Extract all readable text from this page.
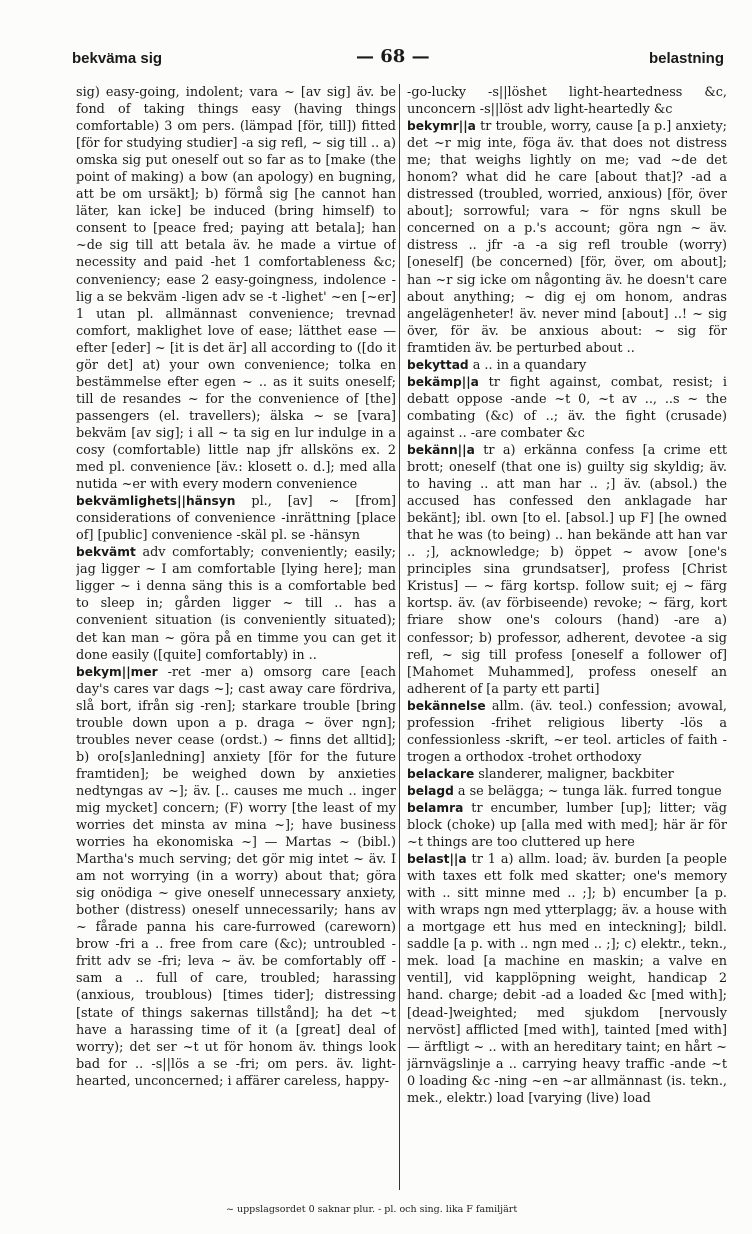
bekväma sig	— 68 —	belastning

sig) easy-going, indolent; vara ~ [av sig] äv. be fond of taking things easy (having things comfortable) 3 om pers. (lämpad [för, till]) fitted [för for studying studier] -a sig refl, ~ sig till .. a) omska sig put oneself out so far as to [make (the point of making) a bow (an apology) en bugning, att be om ursäkt]; b) förmå sig [he cannot han läter, kan icke] be induced (bring himself) to consent to [peace fred; paying att betala]; han ~de sig till att betala äv. he made a virtue of necessity and paid -het 1 comfortableness &c; conveniency; ease 2 easy-goingness, indolence -lig a se bekväm -ligen adv se -t -lighet' ~en [~er] 1 utan pl. allmännast convenience; trevnad comfort, maklighet love of ease; lätthet ease — efter [eder] ~ [it is det är] all according to ([do it gör det] at) your own convenience; tolka en bestämmelse efter egen ~ .. as it suits oneself; till de resandes ~ for the convenience of [the] passengers (el. travellers); älska ~ se [vara] bekväm [av sig]; i all ~ ta sig en lur indulge in a cosy (comfortable) little nap jfr allsköns ex. 2 med pl. convenience [äv.: klosett o. d.]; med alla nutida ~er with every modern convenience

bekvämlighets||hänsyn pl., [av] ~ [from] considerations of convenience -inrättning [place of] [public] convenience -skäl pl. se -hänsyn

bekvämt adv comfortably; conveniently; easily; jag ligger ~ I am comfortable [lying here]; man ligger ~ i denna säng this is a comfortable bed to sleep in; gården ligger ~ till .. has a convenient situation (is conveniently situated); det kan man ~ göra på en timme you can get it done easily ([quite] comfortably) in ..

bekym||mer -ret -mer a) omsorg care [each day's cares var dags ~]; cast away care fördriva, slå bort, ifrån sig -ren]; starkare trouble [bring trouble down upon a p. draga ~ över ngn]; troubles never cease (ordst.) ~ finns det alltid]; b) oro[s]anledning] anxiety [för for the future framtiden]; be weighed down by anxieties nedtyngas av ~]; äv. [.. causes me much .. inger mig mycket] concern; (F) worry [the least of my worries det minsta av mina ~]; have business worries ha ekonomiska ~] — Martas ~ (bibl.) Martha's much serving; det gör mig intet ~ äv. I am not worrying (in a worry) about that; göra sig onödiga ~ give oneself unnecessary anxiety, bother (distress) oneself unnecessarily; hans av ~ fårade panna his care-furrowed (careworn) brow -fri a .. free from care (&c); untroubled -fritt adv se -fri; leva ~ äv. be comfortably off -sam a .. full of care, troubled; harassing (anxious, troublous) [times tider]; distressing [state of things sakernas tillstånd]; ha det ~t have a harassing time of it (a [great] deal of worry); det ser ~t ut för honom äv. things look bad for .. -s||lös a se -fri; om pers. äv. light-hearted, unconcerned; i affärer careless, happy-

-go-lucky -s||löshet light-heartedness &c, unconcern -s||löst adv light-heartedly &c

bekymr||a tr trouble, worry, cause [a p.] anxiety; det ~r mig inte, föga äv. that does not distress me; that weighs lightly on me; vad ~de det honom? what did he care [about that]? -ad a distressed (troubled, worried, anxious) [för, över about]; sorrowful; vara ~ för ngns skull be concerned on a p.'s account; göra ngn ~ äv. distress .. jfr -a -a sig refl trouble (worry) [oneself] (be concerned) [för, över, om about]; han ~r sig icke om någonting äv. he doesn't care about anything; ~ dig ej om honom, andras angelägenheter! äv. never mind [about] ..! ~ sig över, för äv. be anxious about: ~ sig för framtiden äv. be perturbed about ..

bekyttad a .. in a quandary

bekämp||a tr fight against, combat, resist; i debatt oppose -ande ~t 0, ~t av .., ..s ~ the combating (&c) of ..; äv. the fight (crusade) against .. -are combater &c

bekänn||a tr a) erkänna confess [a crime ett brott; oneself (that one is) guilty sig skyldig; äv. to having .. att man har .. ;] äv. (absol.) the accused has confessed den anklagade har bekänt]; ibl. own [to el. [absol.] up F] [he owned that he was (to being) .. han bekände att han var .. ;], acknowledge; b) öppet ~ avow [one's principles sina grundsatser], profess [Christ Kristus] — ~ färg kortsp. follow suit; ej ~ färg kortsp. äv. (av förbiseende) revoke; ~ färg, kort friare show one's colours (hand) -are a) confessor; b) professor, adherent, devotee -a sig refl, ~ sig till profess [oneself a follower of] [Mahomet Muhammed], profess oneself an adherent of [a party ett parti]

bekännelse allm. (äv. teol.) confession; avowal, profession -frihet religious liberty -lös a confessionless -skrift, ~er teol. articles of faith -trogen a orthodox -trohet orthodoxy

belackare slanderer, maligner, backbiter

belagd a se belägga; ~ tunga läk. furred tongue

belamra tr encumber, lumber [up]; litter; väg block (choke) up [alla med with med]; här är för ~t things are too cluttered up here

belast||a tr 1 a) allm. load; äv. burden [a people with taxes ett folk med skatter; one's memory with .. sitt minne med .. ;]; b) encumber [a p. with wraps ngn med ytterplagg; äv. a house with a mortgage ett hus med en inteckning]; bildl. saddle [a p. with .. ngn med .. ;]; c) elektr., tekn., mek. load [a machine en maskin; a valve en ventil], vid kapplöpning weight, handicap 2 hand. charge; debit -ad a loaded &c [med with]; [dead-]weighted; med sjukdom [nervously nervöst] afflicted [med with], tainted [med with] — ärftligt ~ .. with an hereditary taint; en hårt ~ järnvägslinje a .. carrying heavy traffic -ande ~t 0 loading &c -ning ~en ~ar allmännast (is. tekn., mek., elektr.) load [varying (live) load

~ uppslagsordet 0 saknar plur. - pl. och sing. lika F familjärt
